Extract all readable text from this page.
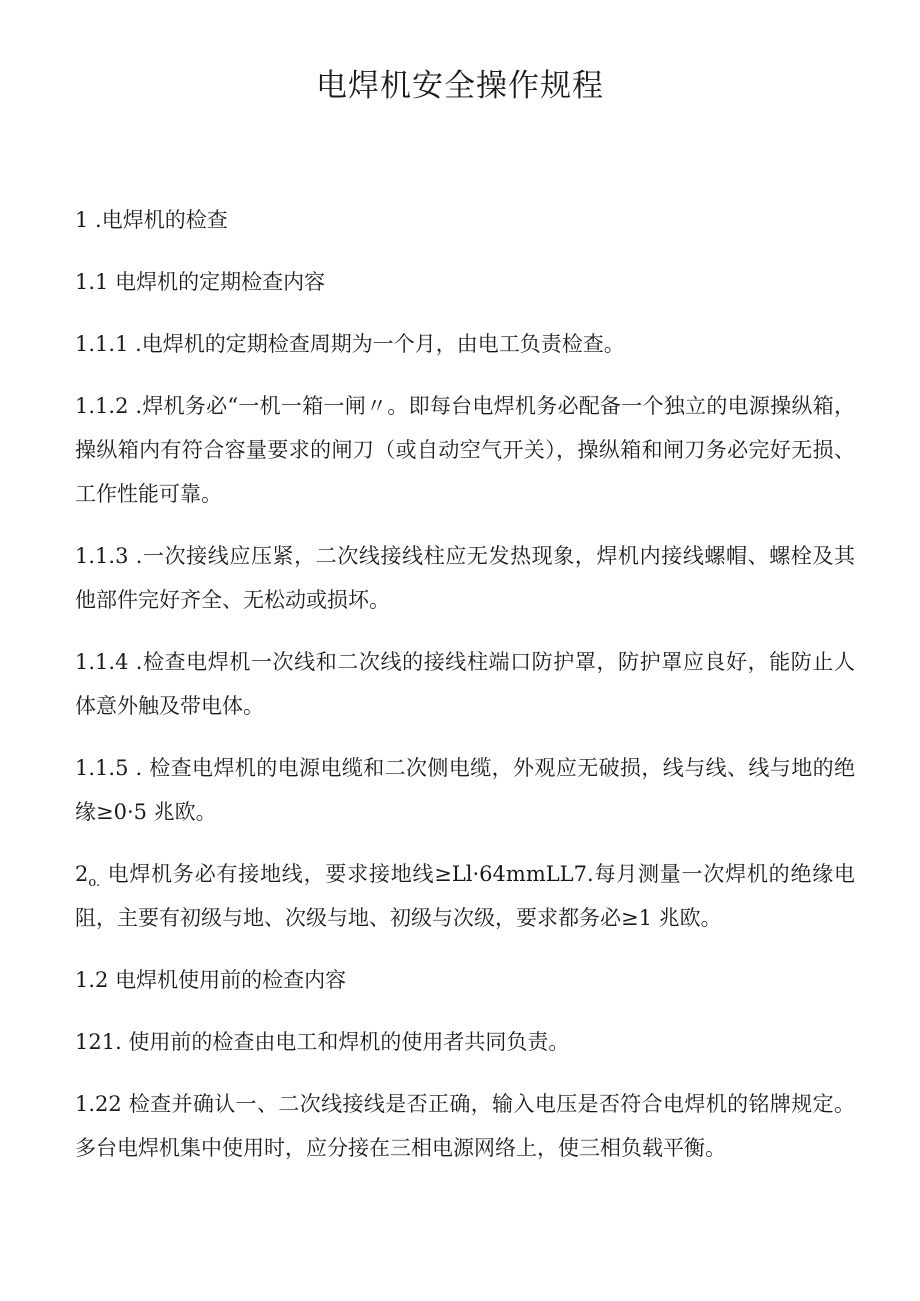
电焊机安全操作规程

1 .电焊机的检查

1.1 电焊机的定期检查内容

1.1.1 .电焊机的定期检查周期为一个月，由电工负责检查。

1.1.2 .焊机务必“一机一箱一闸〃。即每台电焊机务必配备一个独立的电源操纵箱，操纵箱内有符合容量要求的闸刀（或自动空气开关），操纵箱和闸刀务必完好无损、工作性能可靠。

1.1.3 .一次接线应压紧，二次线接线柱应无发热现象，焊机内接线螺帽、螺栓及其他部件完好齐全、无松动或损坏。

1.1.4 .检查电焊机一次线和二次线的接线柱端口防护罩，防护罩应良好，能防止人体意外触及带电体。

1.1.5 . 检查电焊机的电源电缆和二次侧电缆，外观应无破损，线与线、线与地的绝缘≥0·5 兆欧。

$2_{o.}$ 电焊机务必有接地线，要求接地线≥Ll·64mmLL7.每月测量一次焊机的绝缘电阻，主要有初级与地、次级与地、初级与次级，要求都务必≥1 兆欧。

1.2 电焊机使用前的检查内容

121. 使用前的检查由电工和焊机的使用者共同负责。

1.22 检查并确认一、二次线接线是否正确，输入电压是否符合电焊机的铭牌规定。多台电焊机集中使用时，应分接在三相电源网络上，使三相负载平衡。
